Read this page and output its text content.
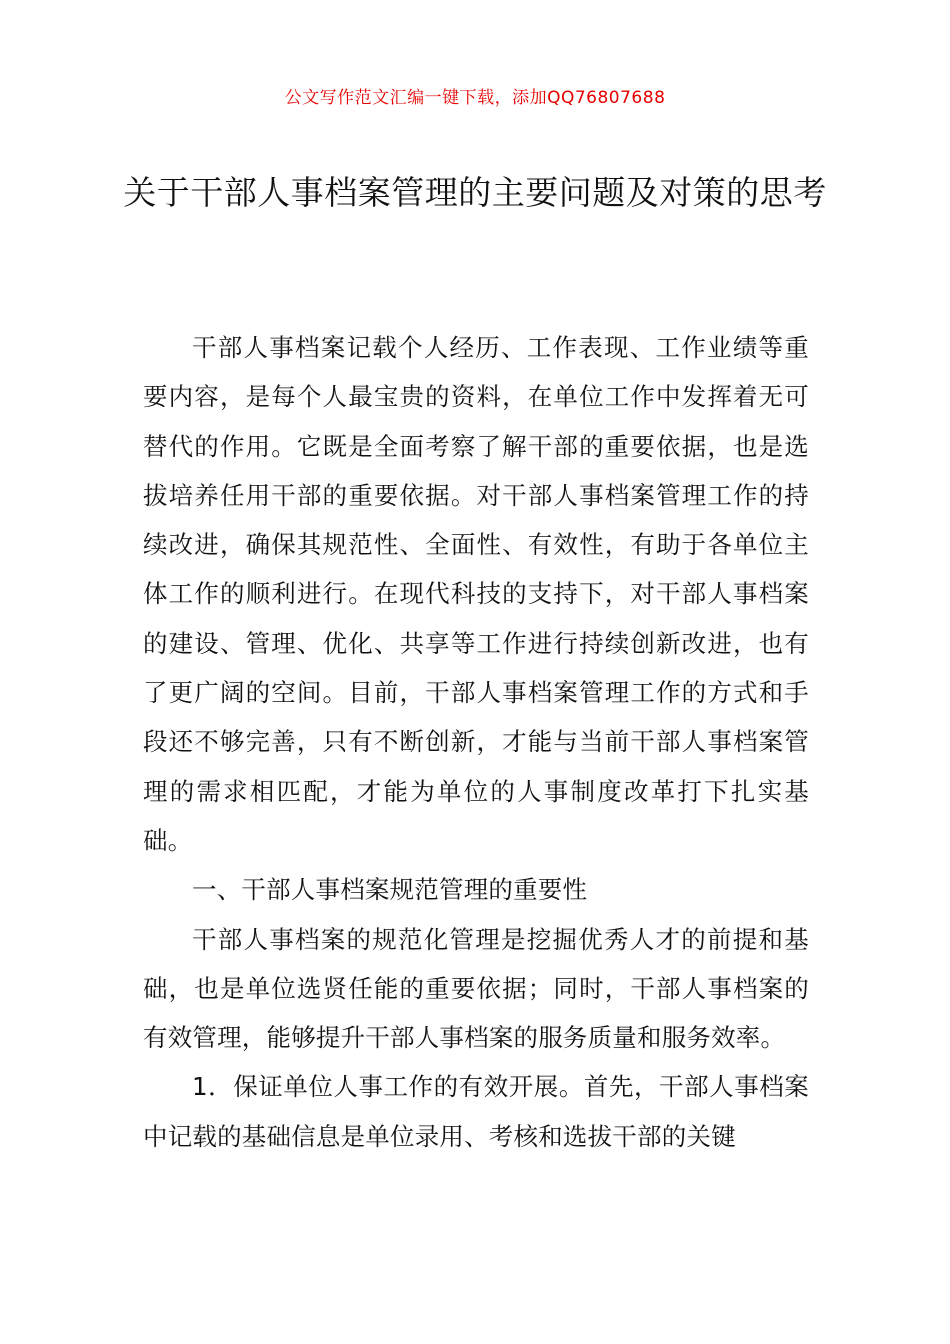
公文写作范文汇编一键下载，添加QQ76807688
关于干部人事档案管理的主要问题及对策的思考

干部人事档案记载个人经历、工作表现、工作业绩等重要内容，是每个人最宝贵的资料，在单位工作中发挥着无可替代的作用。它既是全面考察了解干部的重要依据，也是选拔培养任用干部的重要依据。对干部人事档案管理工作的持续改进，确保其规范性、全面性、有效性，有助于各单位主体工作的顺利进行。在现代科技的支持下，对干部人事档案的建设、管理、优化、共享等工作进行持续创新改进，也有了更广阔的空间。目前，干部人事档案管理工作的方式和手段还不够完善，只有不断创新，才能与当前干部人事档案管理的需求相匹配，才能为单位的人事制度改革打下扎实基础。

一、干部人事档案规范管理的重要性

干部人事档案的规范化管理是挖掘优秀人才的前提和基础，也是单位选贤任能的重要依据；同时，干部人事档案的有效管理，能够提升干部人事档案的服务质量和服务效率。

1．保证单位人事工作的有效开展。首先，干部人事档案中记载的基础信息是单位录用、考核和选拔干部的关键
